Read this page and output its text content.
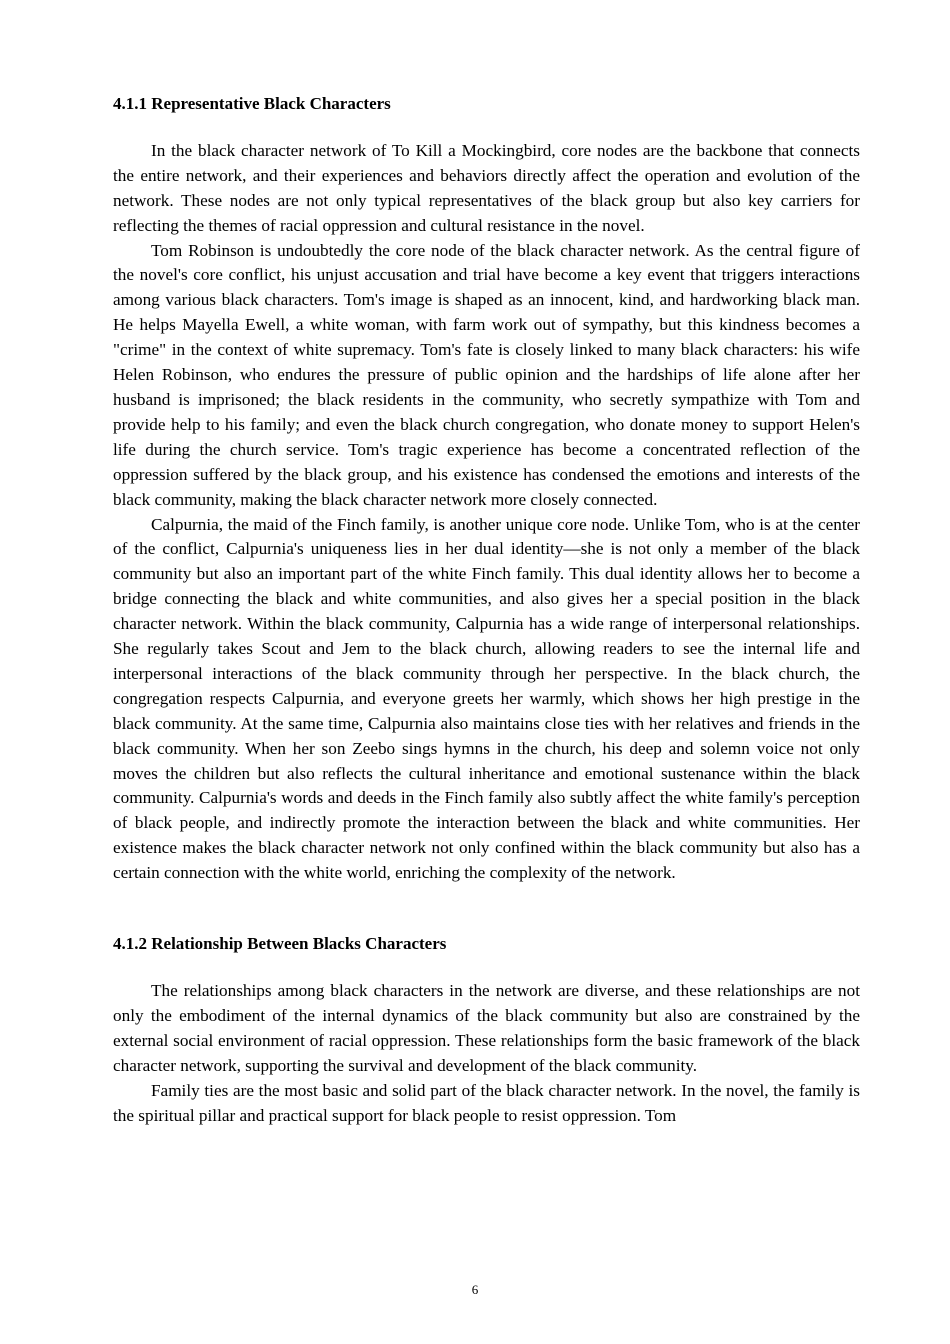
4.1.1 Representative Black Characters

In the black character network of To Kill a Mockingbird, core nodes are the backbone that connects the entire network, and their experiences and behaviors directly affect the operation and evolution of the network. These nodes are not only typical representatives of the black group but also key carriers for reflecting the themes of racial oppression and cultural resistance in the novel.

Tom Robinson is undoubtedly the core node of the black character network. As the central figure of the novel's core conflict, his unjust accusation and trial have become a key event that triggers interactions among various black characters. Tom's image is shaped as an innocent, kind, and hardworking black man. He helps Mayella Ewell, a white woman, with farm work out of sympathy, but this kindness becomes a "crime" in the context of white supremacy. Tom's fate is closely linked to many black characters: his wife Helen Robinson, who endures the pressure of public opinion and the hardships of life alone after her husband is imprisoned; the black residents in the community, who secretly sympathize with Tom and provide help to his family; and even the black church congregation, who donate money to support Helen's life during the church service. Tom's tragic experience has become a concentrated reflection of the oppression suffered by the black group, and his existence has condensed the emotions and interests of the black community, making the black character network more closely connected.

Calpurnia, the maid of the Finch family, is another unique core node. Unlike Tom, who is at the center of the conflict, Calpurnia's uniqueness lies in her dual identity—she is not only a member of the black community but also an important part of the white Finch family. This dual identity allows her to become a bridge connecting the black and white communities, and also gives her a special position in the black character network. Within the black community, Calpurnia has a wide range of interpersonal relationships. She regularly takes Scout and Jem to the black church, allowing readers to see the internal life and interpersonal interactions of the black community through her perspective. In the black church, the congregation respects Calpurnia, and everyone greets her warmly, which shows her high prestige in the black community. At the same time, Calpurnia also maintains close ties with her relatives and friends in the black community. When her son Zeebo sings hymns in the church, his deep and solemn voice not only moves the children but also reflects the cultural inheritance and emotional sustenance within the black community. Calpurnia's words and deeds in the Finch family also subtly affect the white family's perception of black people, and indirectly promote the interaction between the black and white communities. Her existence makes the black character network not only confined within the black community but also has a certain connection with the white world, enriching the complexity of the network.

4.1.2 Relationship Between Blacks Characters

The relationships among black characters in the network are diverse, and these relationships are not only the embodiment of the internal dynamics of the black community but also are constrained by the external social environment of racial oppression. These relationships form the basic framework of the black character network, supporting the survival and development of the black community.

Family ties are the most basic and solid part of the black character network. In the novel, the family is the spiritual pillar and practical support for black people to resist oppression. Tom

6
